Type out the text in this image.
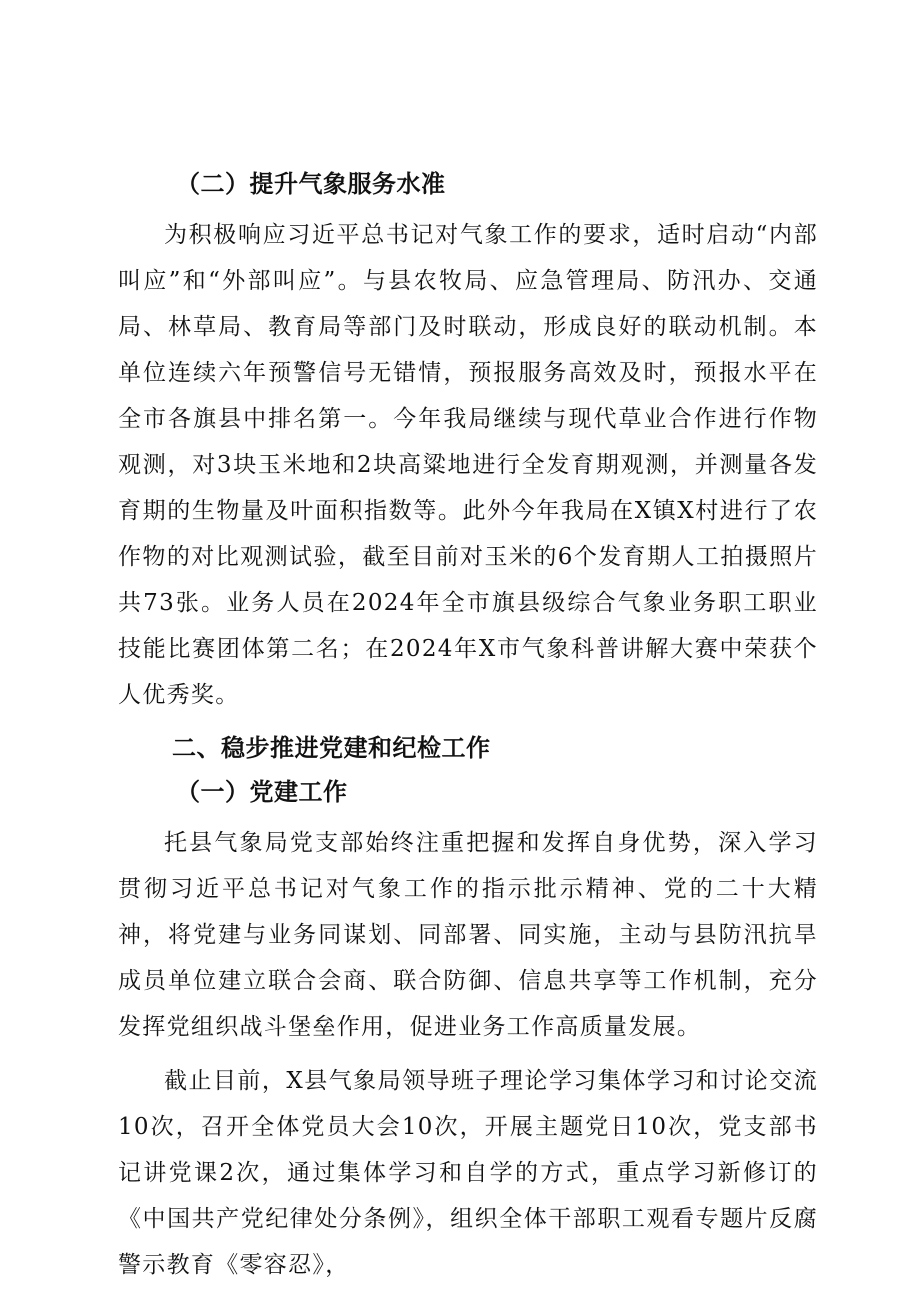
（二）提升气象服务水准

为积极响应习近平总书记对气象工作的要求，适时启动“内部叫应”和“外部叫应”。与县农牧局、应急管理局、防汛办、交通局、林草局、教育局等部门及时联动，形成良好的联动机制。本单位连续六年预警信号无错情，预报服务高效及时，预报水平在全市各旗县中排名第一。今年我局继续与现代草业合作进行作物观测，对3块玉米地和2块高粱地进行全发育期观测，并测量各发育期的生物量及叶面积指数等。此外今年我局在X镇X村进行了农作物的对比观测试验，截至目前对玉米的6个发育期人工拍摄照片共73张。业务人员在2024年全市旗县级综合气象业务职工职业技能比赛团体第二名；在2024年X市气象科普讲解大赛中荣获个人优秀奖。

二、稳步推进党建和纪检工作
（一）党建工作

托县气象局党支部始终注重把握和发挥自身优势，深入学习贯彻习近平总书记对气象工作的指示批示精神、党的二十大精神，将党建与业务同谋划、同部署、同实施，主动与县防汛抗旱成员单位建立联合会商、联合防御、信息共享等工作机制，充分发挥党组织战斗堡垒作用，促进业务工作高质量发展。

截止目前，X县气象局领导班子理论学习集体学习和讨论交流10次，召开全体党员大会10次，开展主题党日10次，党支部书记讲党课2次，通过集体学习和自学的方式，重点学习新修订的《中国共产党纪律处分条例》，组织全体干部职工观看专题片反腐警示教育《零容忍》，
